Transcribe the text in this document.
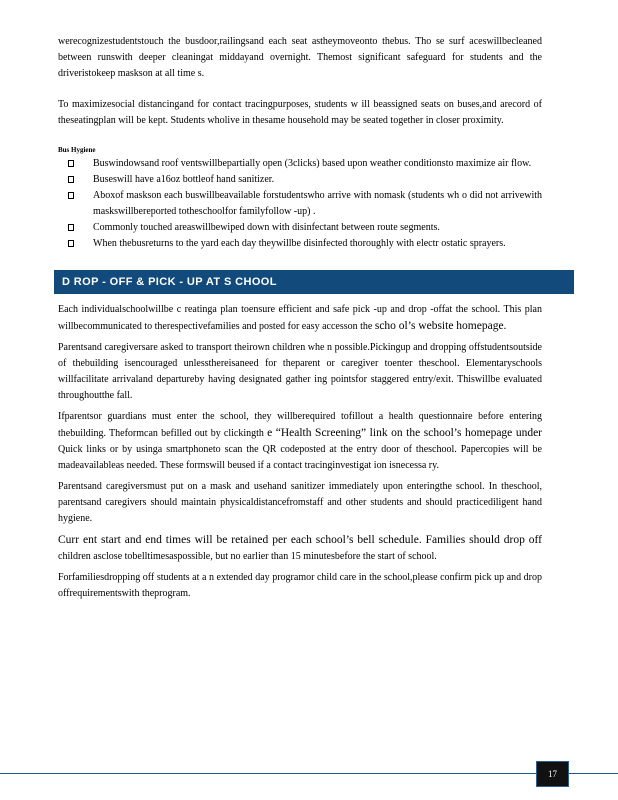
werecognizestudentstouch the busdoor,railingsand each seat astheymoveonto thebus. Tho se surf aceswillbecleaned between runswith deeper cleaningat middayand overnight. Themost significant safeguard for students and the driveristokeep maskson at all time s.

To maximizesocial distancingand for contact tracingpurposes, students w ill beassigned seats on buses,and arecord of theseatingplan will be kept. Students wholive in thesame household may be seated together in closer proximity.

Bus Hygiene
Buswindowsand roof ventswillbepartially open (3clicks) based upon weather conditionsto maximize air flow.
Buseswill have a16oz bottleof hand sanitizer.
Aboxof maskson each buswillbeavailable forstudentswho arrive with nomask (students wh o did not arrivewith maskswillbereported totheschoolfor familyfollow -up) .
Commonly touched areaswillbewiped down with disinfectant between route segments.
When thebusreturns to the yard each day theywillbe disinfected thoroughly with electr ostatic sprayers.
D ROP - OFF & PICK - UP AT S CHOOL

Each individualschoolwillbe c reatinga plan toensure efficient and safe pick -up and drop -offat the school. This plan willbecommunicated to therespectivefamilies and posted for easy accesson the scho ol’s website homepage.

Parentsand caregiversare asked to transport theirown children whe n possible.Pickingup and dropping offstudentsoutside of thebuilding isencouraged unlessthereisaneed for theparent or caregiver toenter theschool. Elementaryschools willfacilitate arrivaland departureby having designated gather ing pointsfor staggered entry/exit. Thiswillbe evaluated throughoutthe fall.

Ifparentsor guardians must enter the school, they willberequired tofillout a health questionnaire before entering thebuilding. Theformcan befilled out by clickingth e “Health Screening” link on the school’s homepage under Quick links or by usinga smartphoneto scan the QR codeposted at the entry door of theschool. Papercopies will be madeavailableas needed. These formswill beused if a contact tracinginvestigat ion isnecessa ry.

Parentsand caregiversmust put on a mask and usehand sanitizer immediately upon enteringthe school. In theschool, parentsand caregivers should maintain physicaldistancefromstaff and other students and should practicediligent hand hygiene.

Curr ent start and end times will be retained per each school’s bell schedule. Families should drop off children asclose tobelltimesaspossible, but no earlier than 15 minutesbefore the start of school.

Forfamiliesdropping off students at a n extended day programor child care in the school,please confirm pick up and drop offrequirementswith theprogram.

17
